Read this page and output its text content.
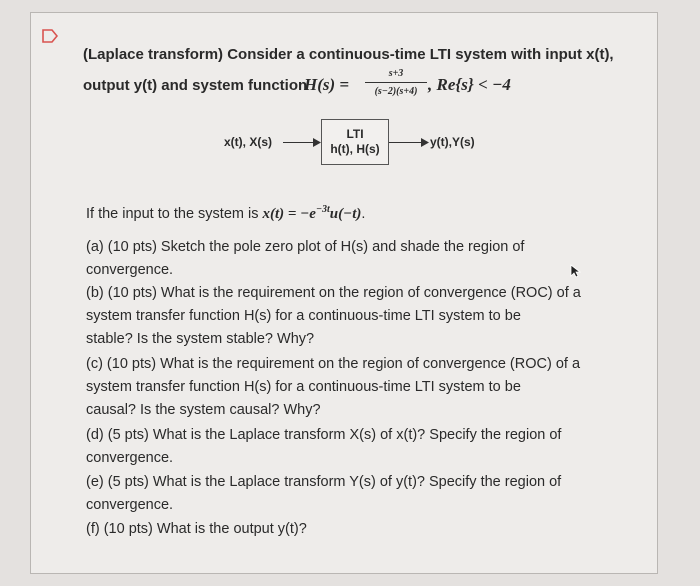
(Laplace transform) Consider a continuous-time LTI system with input x(t),
output y(t) and system function
H(s) =
s+3
(s−2)(s+4) , Re{s} < −4
x(t), X(s)
LTI
h(t), H(s)	y(t),Y(s)
If the input to the system is $x(t) = -e^{-3t}u(-t)$.
(a) (10 pts) Sketch the pole zero plot of H(s) and shade the region of
convergence.
(b) (10 pts) What is the requirement on the region of convergence (ROC) of a
system transfer function H(s) for a continuous-time LTI system to be
stable? Is the system stable? Why?
(c) (10 pts) What is the requirement on the region of convergence (ROC) of a
system transfer function H(s) for a continuous-time LTI system to be
causal? Is the system causal? Why?
(d) (5 pts) What is the Laplace transform X(s) of x(t)? Specify the region of
convergence.
(e) (5 pts) What is the Laplace transform Y(s) of y(t)? Specify the region of
convergence.
(f) (10 pts) What is the output y(t)?
